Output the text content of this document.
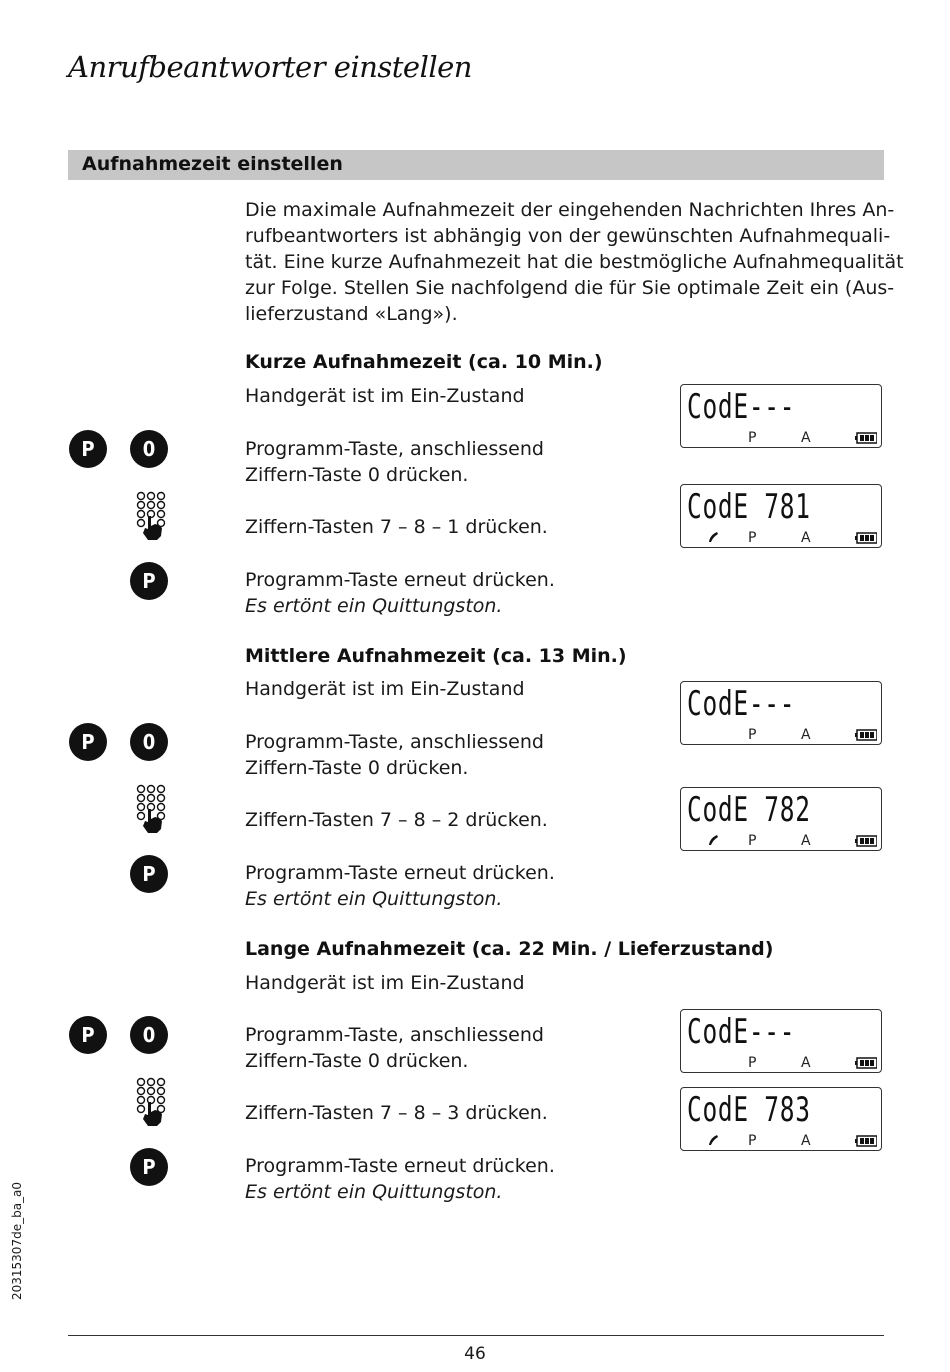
Anrufbeantworter einstellen
Aufnahmezeit einstellen
Die maximale Aufnahmezeit der eingehenden Nachrichten Ihres An-
rufbeantworters ist abhängig von der gewünschten Aufnahmequali-
tät. Eine kurze Aufnahmezeit hat die bestmögliche Aufnahmequalität
zur Folge. Stellen Sie nachfolgend die für Sie optimale Zeit ein (Aus-
lieferzustand «Lang»).
Kurze Aufnahmezeit (ca. 10 Min.)
Handgerät ist im Ein-Zustand
P	0	Programm-Taste, anschliessend
Ziffern-Taste 0 drücken.
Ziffern-Tasten 7 – 8 – 1 drücken.
P	Programm-Taste erneut drücken.
Es ertönt ein Quittungston.
CodE---
P	A
CodE 781
P	A
Mittlere Aufnahmezeit (ca. 13 Min.)
Handgerät ist im Ein-Zustand
P	0	Programm-Taste, anschliessend
Ziffern-Taste 0 drücken.
Ziffern-Tasten 7 – 8 – 2 drücken.
P	Programm-Taste erneut drücken.
Es ertönt ein Quittungston.
CodE---
P	A
CodE 782
P	A
Lange Aufnahmezeit (ca. 22 Min. / Lieferzustand)
Handgerät ist im Ein-Zustand
P	0	Programm-Taste, anschliessend
Ziffern-Taste 0 drücken.
Ziffern-Tasten 7 – 8 – 3 drücken.
P	Programm-Taste erneut drücken.
Es ertönt ein Quittungston.
CodE---
P	A
CodE 783
P	A
20315307de_ba_a0
46
